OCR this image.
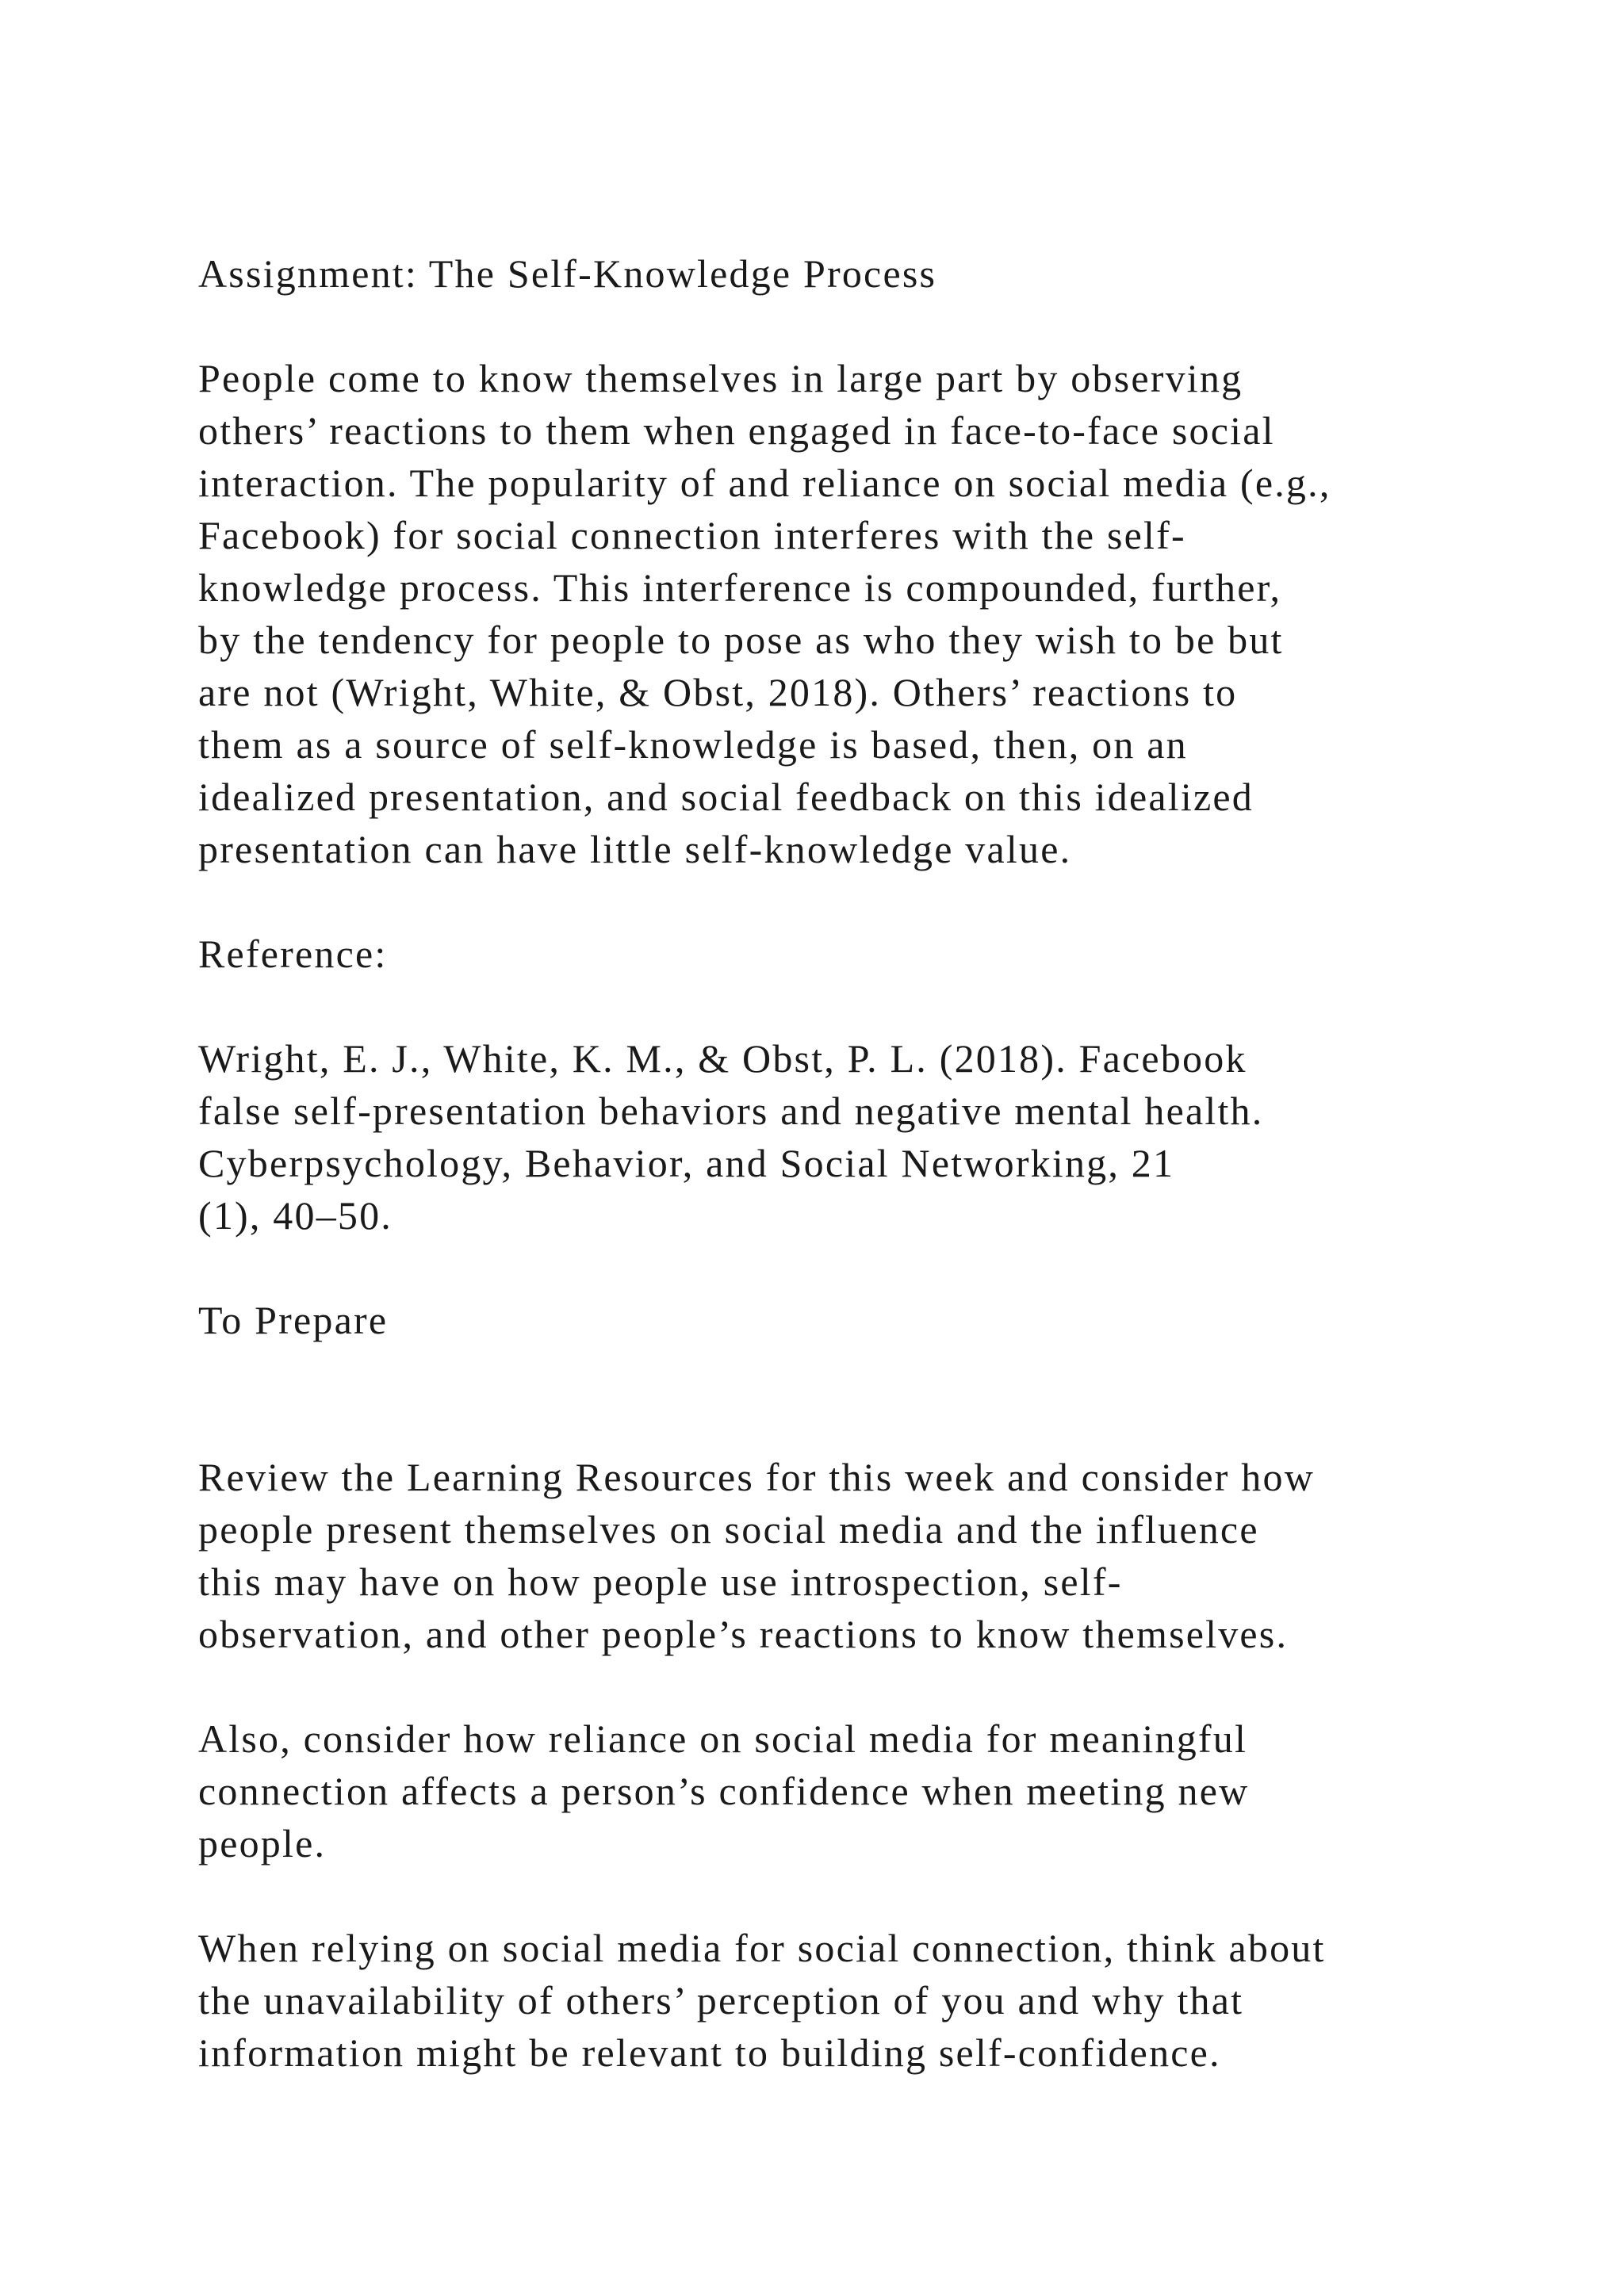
Assignment: The Self-Knowledge Process
People come to know themselves in large part by observing
others’ reactions to them when engaged in face-to-face social
interaction. The popularity of and reliance on social media (e.g.,
Facebook) for social connection interferes with the self-
knowledge process. This interference is compounded, further,
by the tendency for people to pose as who they wish to be but
are not (Wright, White, & Obst, 2018). Others’ reactions to
them as a source of self-knowledge is based, then, on an
idealized presentation, and social feedback on this idealized
presentation can have little self-knowledge value.
Reference:
Wright, E. J., White, K. M., & Obst, P. L. (2018). Facebook
false self-presentation behaviors and negative mental health.
Cyberpsychology, Behavior, and Social Networking, 21
(1), 40–50.
To Prepare
Review the Learning Resources for this week and consider how
people present themselves on social media and the influence
this may have on how people use introspection, self-
observation, and other people’s reactions to know themselves.
Also, consider how reliance on social media for meaningful
connection affects a person’s confidence when meeting new
people.
When relying on social media for social connection, think about
the unavailability of others’ perception of you and why that
information might be relevant to building self-confidence.
